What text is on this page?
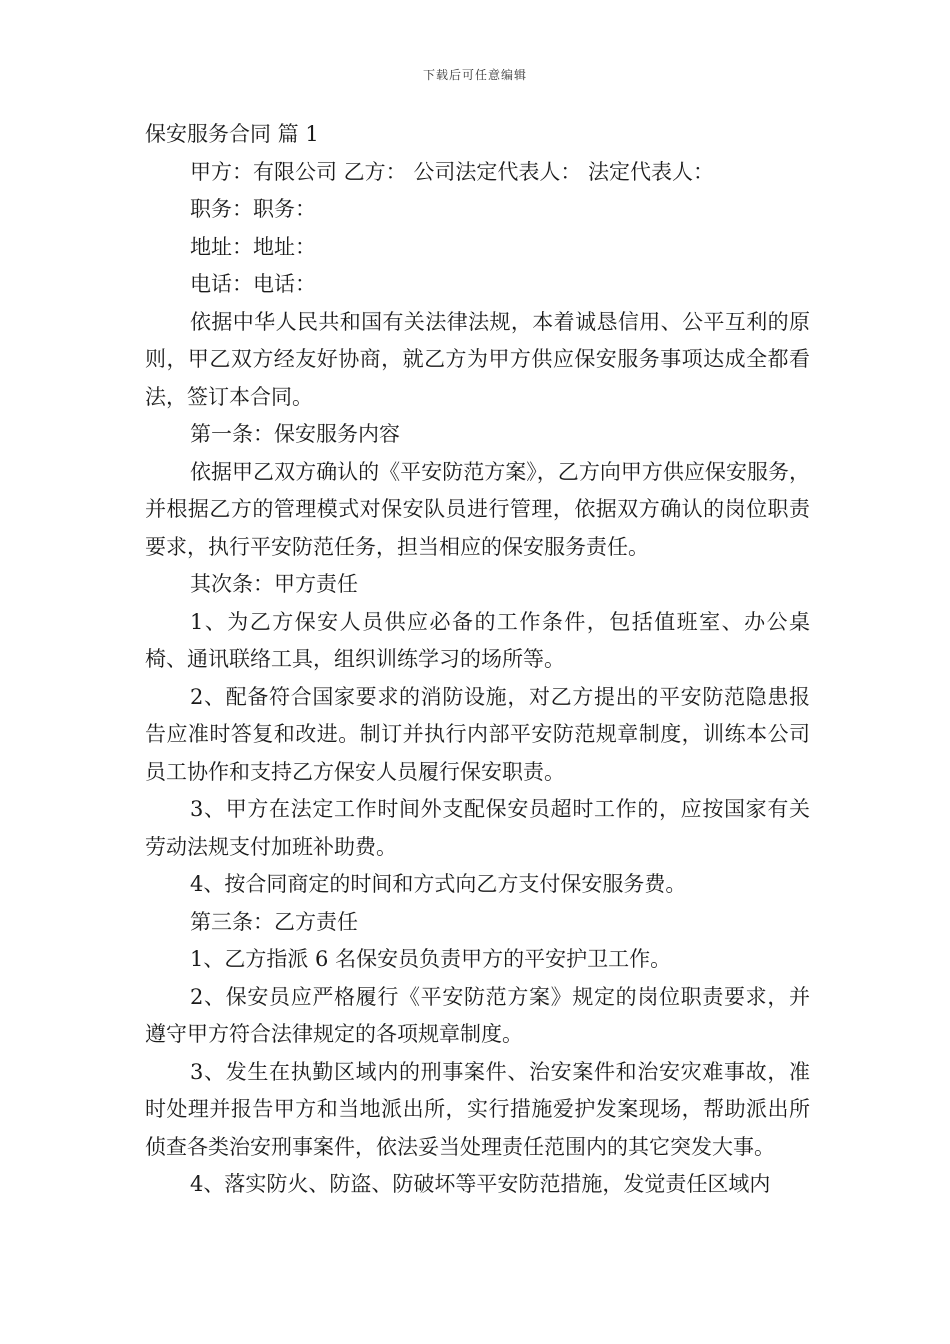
下载后可任意编辑

保安服务合同 篇 1

甲方：有限公司 乙方： 公司法定代表人： 法定代表人：

职务：职务：

地址：地址：

电话：电话：

依据中华人民共和国有关法律法规，本着诚恳信用、公平互利的原则，甲乙双方经友好协商，就乙方为甲方供应保安服务事项达成全都看法，签订本合同。

第一条：保安服务内容

依据甲乙双方确认的《平安防范方案》，乙方向甲方供应保安服务，并根据乙方的管理模式对保安队员进行管理，依据双方确认的岗位职责要求，执行平安防范任务，担当相应的保安服务责任。

其次条：甲方责任

1、为乙方保安人员供应必备的工作条件，包括值班室、办公桌椅、通讯联络工具，组织训练学习的场所等。

2、配备符合国家要求的消防设施，对乙方提出的平安防范隐患报告应准时答复和改进。制订并执行内部平安防范规章制度，训练本公司员工协作和支持乙方保安人员履行保安职责。

3、甲方在法定工作时间外支配保安员超时工作的，应按国家有关劳动法规支付加班补助费。

4、按合同商定的时间和方式向乙方支付保安服务费。

第三条：乙方责任

1、乙方指派 6 名保安员负责甲方的平安护卫工作。

2、保安员应严格履行《平安防范方案》规定的岗位职责要求，并遵守甲方符合法律规定的各项规章制度。

3、发生在执勤区域内的刑事案件、治安案件和治安灾难事故，准时处理并报告甲方和当地派出所，实行措施爱护发案现场，帮助派出所侦查各类治安刑事案件，依法妥当处理责任范围内的其它突发大事。

4、落实防火、防盗、防破坏等平安防范措施，发觉责任区域内
